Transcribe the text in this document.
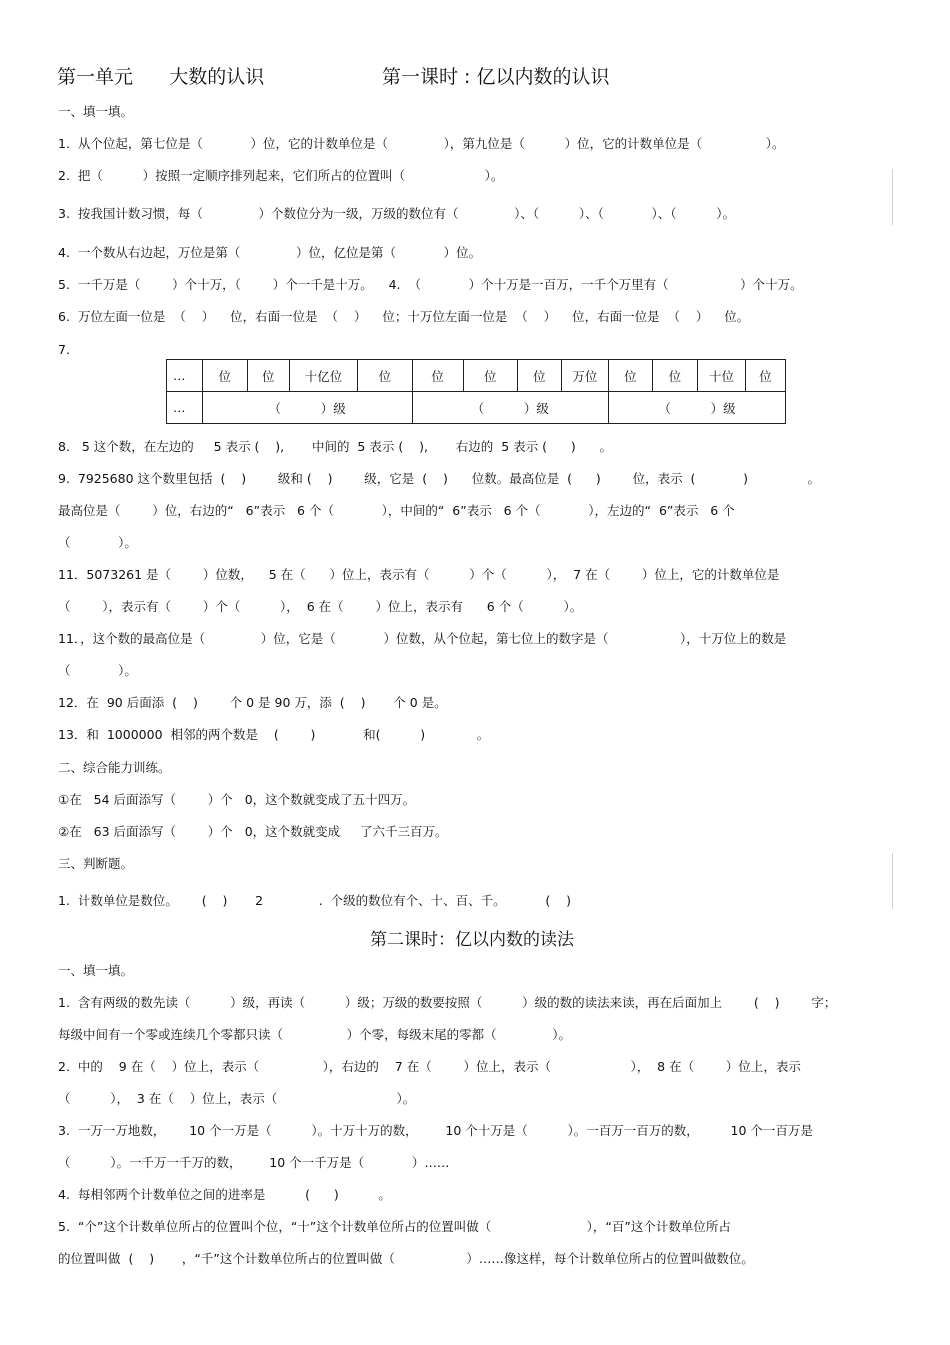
第一单元      大数的认识	第一课时 : 亿以内数的认识
一、填一填。
1.  从个位起，第七位是（            ）位，它的计数单位是（              ），第九位是（          ）位，它的计数单位是（                ）。
2.  把（          ）按照一定顺序排列起来，它们所占的位置叫（                    ）。
3.  按我国计数习惯，每（              ）个数位分为一级，万级的数位有（              ）、（          ）、（            ）、（          ）。
4.  一个数从右边起，万位是第（              ）位，亿位是第（            ）位。
5.  一千万是（        ）个十万，（        ）个一千是十万。    4.  （            ）个十万是一百万，一千个万里有（                  ）个十万。
6.  万位左面一位是  （    ）    位，右面一位是  （    ）    位；十万位左面一位是  （    ）    位，右面一位是  （    ）    位。
7.
…	位	位	十亿位	位	位	位	位	万位	位	位	十位	位
…	（          ）级				（          ）级				（          ）级			
8.   5 这个数，在左边的     5 表示 (    ),       中间的  5 表示 (    ),       右边的  5 表示 (      )      。
9.  7925680 这个数里包括  (    )        级和 (    )        级，它是  (    )      位数。最高位是  (      )        位，表示  (            )               。
最高位是（        ）位，右边的“   6”表示   6 个（            ），中间的“  6”表示   6 个（            ），左边的“  6”表示   6 个
（            ）。
11．5073261 是（        ）位数，    5 在（      ）位上，表示有（          ）个（          ），  7 在（        ）位上，它的计数单位是
（        ），表示有（        ）个（          ），  6 在（        ）位上，表示有      6 个（          ）。
11．，这个数的最高位是（              ）位，它是（            ）位数，从个位起，第七位上的数字是（                  ），十万位上的数是
（            ）。
12．在  90 后面添  (    )        个 0 是 90 万，添  (    )       个 0 是。
13．和  1000000  相邻的两个数是    (        )            和(          )             。
二、综合能力训练。
①在   54 后面添写（        ）个   0，这个数就变成了五十四万。
②在   63 后面添写（        ）个   0，这个数就变成     了六千三百万。
三、判断题。
1.  计数单位是数位。      (    )       2              .  个级的数位有个、十、百、千。          (    )
第二课时：亿以内数的读法
一、填一填。
1.  含有两级的数先读（          ）级，再读（          ）级；万级的数要按照（          ）级的数的读法来读，再在后面加上        (    )        字；
每级中间有一个零或连续几个零都只读（                ）个零，每级末尾的零都（              ）。
2.  中的    9 在（    ）位上，表示（                ），右边的    7 在（        ）位上，表示（                    ），  8 在（        ）位上，表示
（          ），  3 在（    ）位上，表示（                              ）。
3.  一万一万地数，      10 个一万是（          ）。十万十万的数，       10 个十万是（          ）。一百万一百万的数，        10 个一百万是
（          ）。一千万一千万的数，       10 个一千万是（            ）……
4.  每相邻两个计数单位之间的进率是          (      )          。
5.  “个”这个计数单位所占的位置叫个位，“十”这个计数单位所占的位置叫做（                        ），“百”这个计数单位所占
的位置叫做  (    )       ，“千”这个计数单位所占的位置叫做（                  ）……像这样，每个计数单位所占的位置叫做数位。
